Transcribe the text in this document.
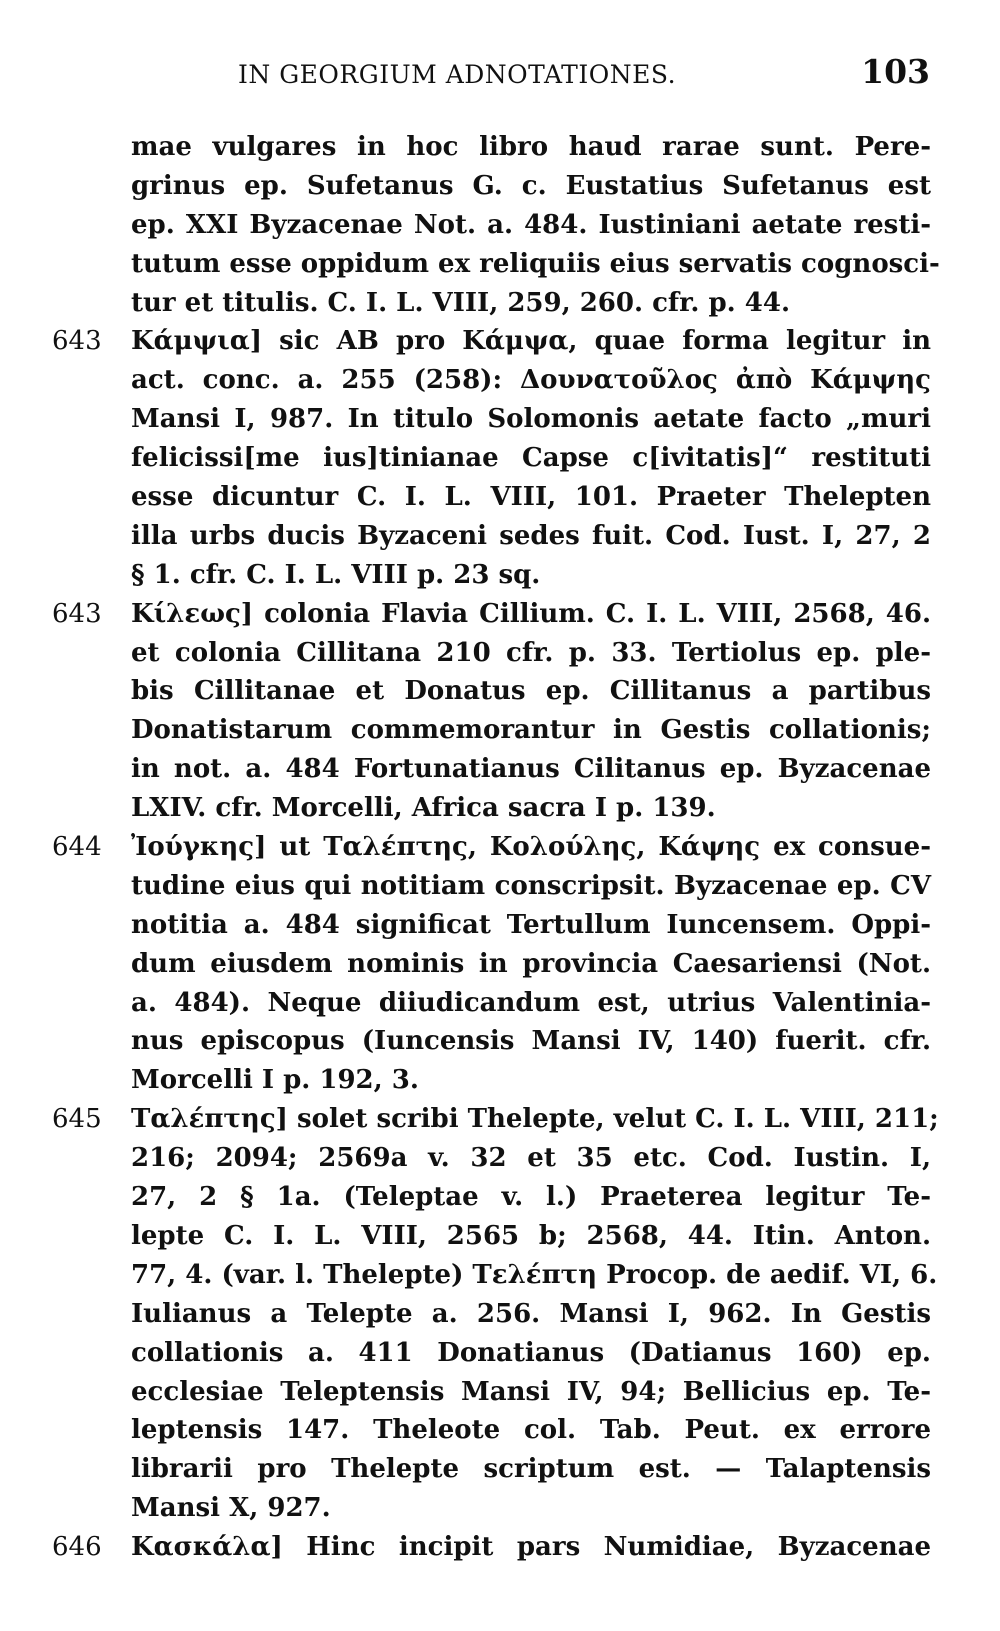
IN GEORGIUM ADNOTATIONES.	103
mae vulgares in hoc libro haud rarae sunt. Pere-
grinus ep. Sufetanus G. c. Eustatius Sufetanus est
ep. XXI Byzacenae Not. a. 484. Iustiniani aetate resti-
tutum esse oppidum ex reliquiis eius servatis cognosci-
tur et titulis. C. I. L. VIII, 259, 260. cfr. p. 44.
643	Κάμψια] sic AB pro Κάμψα, quae forma legitur in
act. conc. a. 255 (258): Δουνατοῦλος ἀπὸ Κάμψης
Mansi I, 987. In titulo Solomonis aetate facto „muri
felicissi[me ius]tinianae Capse c[ivitatis]“ restituti
esse dicuntur C. I. L. VIII, 101. Praeter Thelepten
illa urbs ducis Byzaceni sedes fuit. Cod. Iust. I, 27, 2
§ 1. cfr. C. I. L. VIII p. 23 sq.
643	Κίλεως] colonia Flavia Cillium. C. I. L. VIII, 2568, 46.
et colonia Cillitana 210 cfr. p. 33. Tertiolus ep. ple-
bis Cillitanae et Donatus ep. Cillitanus a partibus
Donatistarum commemorantur in Gestis collationis;
in not. a. 484 Fortunatianus Cilitanus ep. Byzacenae
LXIV. cfr. Morcelli, Africa sacra I p. 139.
644	Ἰούγκης] ut Ταλέπτης, Κολούλης, Κάψης ex consue-
tudine eius qui notitiam conscripsit. Byzacenae ep. CV
notitia a. 484 significat Tertullum Iuncensem. Oppi-
dum eiusdem nominis in provincia Caesariensi (Not.
a. 484). Neque diiudicandum est, utrius Valentinia-
nus episcopus (Iuncensis Mansi IV, 140) fuerit. cfr.
Morcelli I p. 192, 3.
645	Ταλέπτης] solet scribi Thelepte, velut C. I. L. VIII, 211;
216; 2094; 2569a v. 32 et 35 etc. Cod. Iustin. I,
27, 2 § 1a. (Teleptae v. l.) Praeterea legitur Te-
lepte C. I. L. VIII, 2565 b; 2568, 44. Itin. Anton.
77, 4. (var. l. Thelepte) Τελέπτη Procop. de aedif. VI, 6.
Iulianus a Telepte a. 256. Mansi I, 962. In Gestis
collationis a. 411 Donatianus (Datianus 160) ep.
ecclesiae Teleptensis Mansi IV, 94; Bellicius ep. Te-
leptensis 147. Theleote col. Tab. Peut. ex errore
librarii pro Thelepte scriptum est. — Talaptensis
Mansi X, 927.
646	Κασκάλα] Hinc incipit pars Numidiae, Byzacenae
